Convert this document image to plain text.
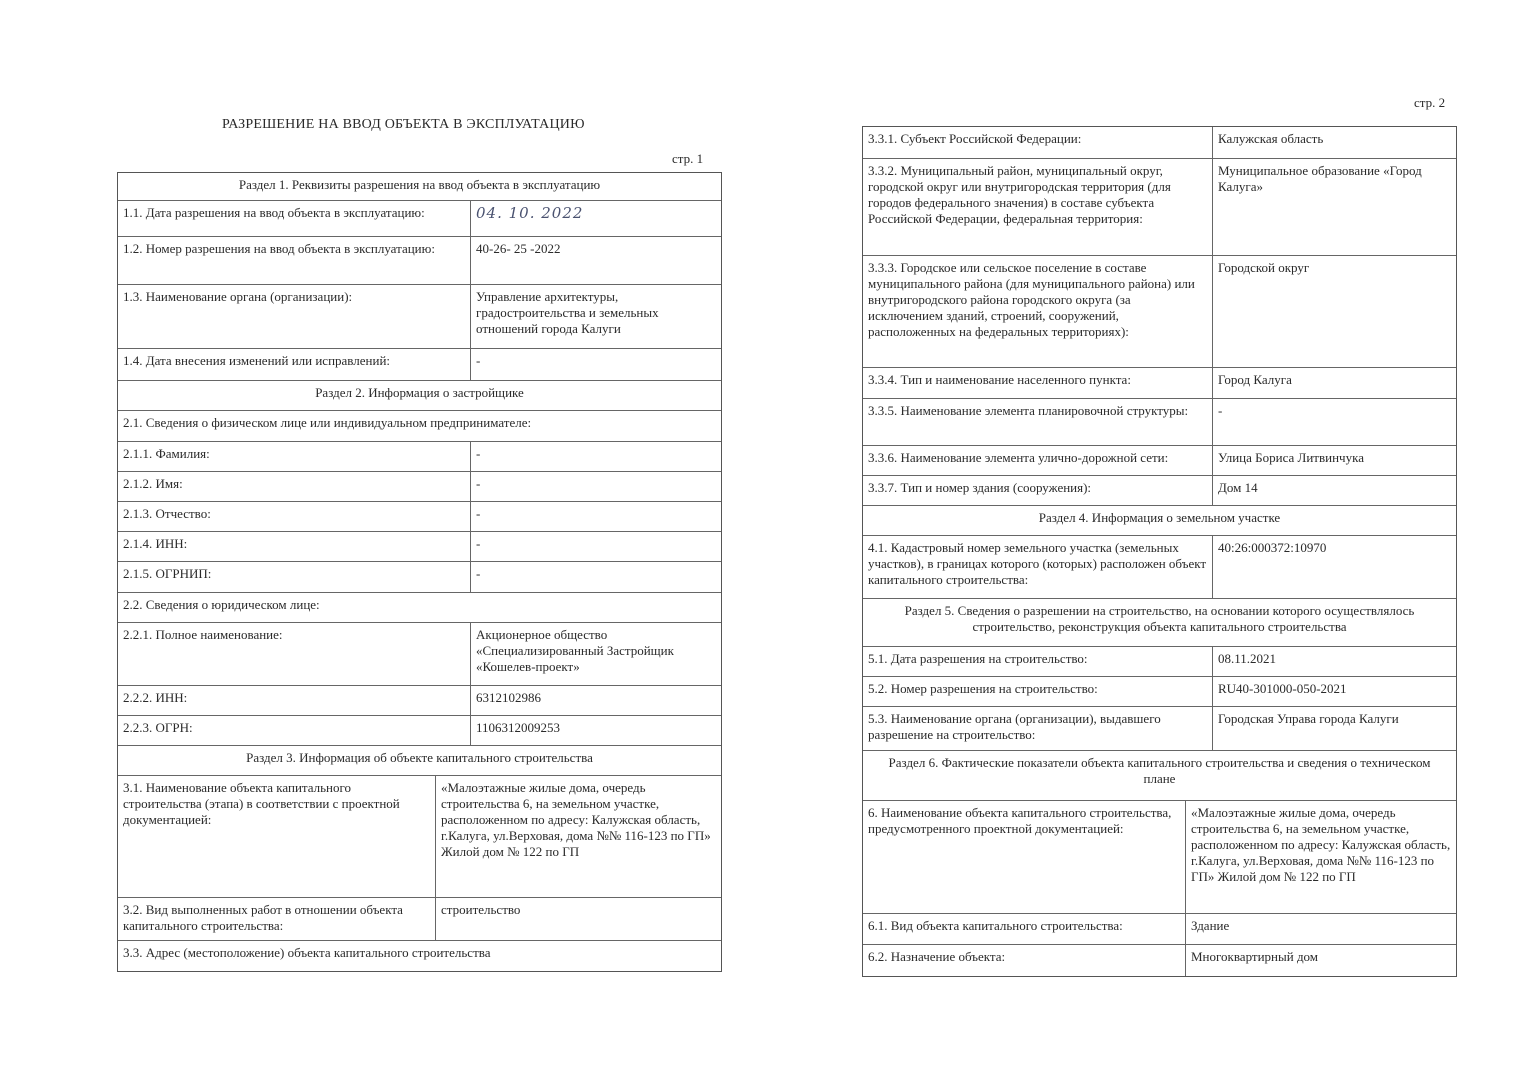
РАЗРЕШЕНИЕ НА ВВОД ОБЪЕКТА В ЭКСПЛУАТАЦИЮ
стр. 1
стр. 2
Раздел 1. Реквизиты разрешения на ввод объекта в эксплуатацию
1.1. Дата разрешения на ввод объекта в эксплуатацию:	04. 10. 2022
1.2. Номер разрешения на ввод объекта в эксплуатацию:	40-26- 25 -2022
1.3. Наименование органа (организации):	Управление архитектуры, градостроительства и земельных отношений города Калуги
1.4. Дата внесения изменений или исправлений:	-
Раздел 2. Информация о застройщике
2.1. Сведения о физическом лице или индивидуальном предпринимателе:
2.1.1. Фамилия:	-
2.1.2. Имя:	-
2.1.3. Отчество:	-
2.1.4. ИНН:	-
2.1.5. ОГРНИП:	-
2.2. Сведения о юридическом лице:
2.2.1. Полное наименование:	Акционерное общество «Специализированный Застройщик «Кошелев-проект»
2.2.2. ИНН:	6312102986
2.2.3. ОГРН:	1106312009253
Раздел 3. Информация об объекте капитального строительства
3.1. Наименование объекта капитального строительства (этапа) в соответствии с проектной документацией:
«Малоэтажные жилые дома, очередь строительства 6, на земельном участке, расположенном по адресу: Калужская область, г.Калуга, ул.Верховая, дома №№ 116-123 по ГП» Жилой дом № 122 по ГП
3.2. Вид выполненных работ в отношении объекта капитального строительства:
строительство
3.3. Адрес (местоположение) объекта капитального строительства
3.3.1. Субъект Российской Федерации:	Калужская область
3.3.2. Муниципальный район, муниципальный округ, городской округ или внутригородская территория (для городов федерального значения) в составе субъекта Российской Федерации, федеральная территория:
Муниципальное образование «Город Калуга»
3.3.3. Городское или сельское поселение в составе муниципального района (для муниципального района) или внутригородского района городского округа (за исключением зданий, строений, сооружений, расположенных на федеральных территориях):
Городской округ
3.3.4. Тип и наименование населенного пункта:	Город Калуга
3.3.5. Наименование элемента планировочной структуры:	-
3.3.6. Наименование элемента улично-дорожной сети:	Улица Бориса Литвинчука
3.3.7. Тип и номер здания (сооружения):	Дом 14
Раздел 4. Информация о земельном участке
4.1. Кадастровый номер земельного участка (земельных участков), в границах которого (которых) расположен объект капитального строительства:
40:26:000372:10970
Раздел 5. Сведения о разрешении на строительство, на основании которого осуществлялось строительство, реконструкция объекта капитального строительства
5.1. Дата разрешения на строительство:	08.11.2021
5.2. Номер разрешения на строительство:	RU40-301000-050-2021
5.3. Наименование органа (организации), выдавшего разрешение на строительство:
Городская Управа города Калуги
Раздел 6. Фактические показатели объекта капитального строительства и сведения о техническом плане
6. Наименование объекта капитального строительства, предусмотренного проектной документацией:
«Малоэтажные жилые дома, очередь строительства 6, на земельном участке, расположенном по адресу: Калужская область, г.Калуга, ул.Верховая, дома №№ 116-123 по ГП» Жилой дом № 122 по ГП
6.1. Вид объекта капитального строительства:	Здание
6.2. Назначение объекта:	Многоквартирный дом
